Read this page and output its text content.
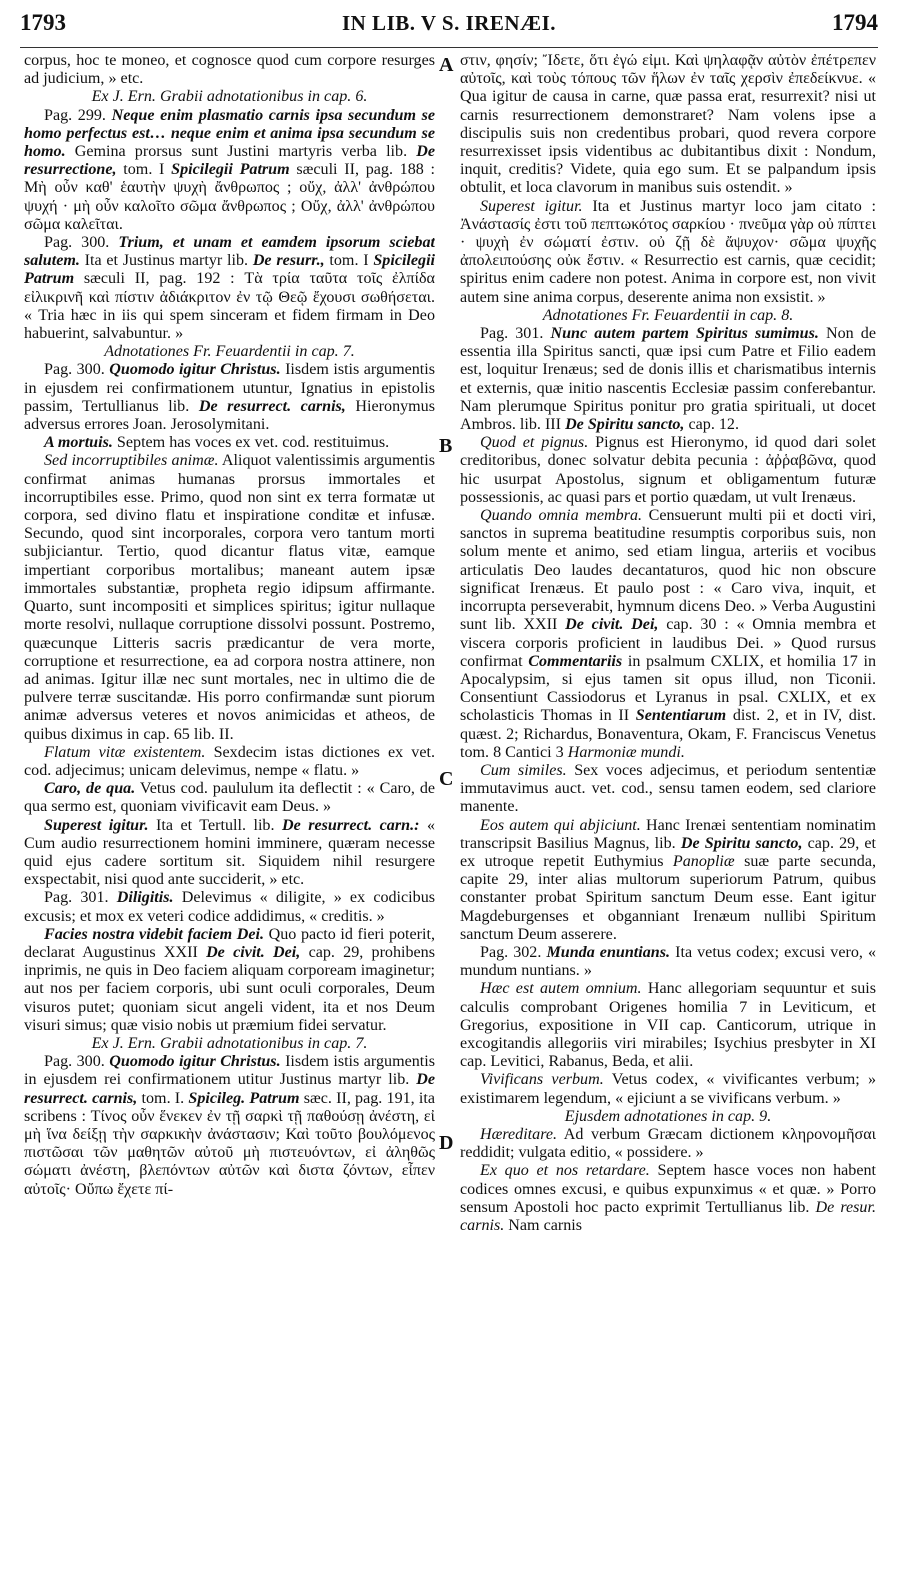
1793	IN LIB. V S. IRENÆI.	1794
A
B
C
D

corpus, hoc te moneo, et cognosce quod cum corpore resurges ad judicium, » etc.

Ex J. Ern. Grabii adnotationibus in cap. 6.

Pag. 299. Neque enim plasmatio carnis ipsa secundum se homo perfectus est… neque enim et anima ipsa secundum se homo. Gemina prorsus sunt Justini martyris verba lib. De resurrectione, tom. I Spicilegii Patrum sæculi II, pag. 188 : Μὴ οὖν καθ' ἑαυτὴν ψυχὴ ἄνθρωπος ; οὔχ, ἀλλ' ἀνθρώπου ψυχή · μὴ οὖν καλοῖτο σῶμα ἄνθρωπος ; Οὔχ, ἀλλ' ἀνθρώπου σῶμα καλεῖται.

Pag. 300. Trium, et unam et eamdem ipsorum sciebat salutem. Ita et Justinus martyr lib. De resurr., tom. I Spicilegii Patrum sæculi II, pag. 192 : Τὰ τρία ταῦτα τοῖς ἐλπίδα εἰλικρινῆ καὶ πίστιν ἀδιάκριτον ἐν τῷ Θεῷ ἔχουσι σωθήσεται. « Tria hæc in iis qui spem sinceram et fidem firmam in Deo habuerint, salvabuntur. »

Adnotationes Fr. Feuardentii in cap. 7.

Pag. 300. Quomodo igitur Christus. Iisdem istis argumentis in ejusdem rei confirmationem utuntur, Ignatius in epistolis passim, Tertullianus lib. De resurrect. carnis, Hieronymus adversus errores Joan. Jerosolymitani.

A mortuis. Septem has voces ex vet. cod. restituimus.

Sed incorruptibiles animæ. Aliquot valentissimis argumentis confirmat animas humanas prorsus immortales et incorruptibiles esse. Primo, quod non sint ex terra formatæ ut corpora, sed divino flatu et inspiratione conditæ et infusæ. Secundo, quod sint incorporales, corpora vero tantum morti subjiciantur. Tertio, quod dicantur flatus vitæ, eamque impertiant corporibus mortalibus; maneant autem ipsæ immortales substantiæ, propheta regio idipsum affirmante. Quarto, sunt incompositi et simplices spiritus; igitur nullaque morte resolvi, nullaque corruptione dissolvi possunt. Postremo, quæcunque Litteris sacris prædicantur de vera morte, corruptione et resurrectione, ea ad corpora nostra attinere, non ad animas. Igitur illæ nec sunt mortales, nec in ultimo die de pulvere terræ suscitandæ. His porro confirmandæ sunt piorum animæ adversus veteres et novos animicidas et atheos, de quibus diximus in cap. 65 lib. II.

Flatum vitæ existentem. Sexdecim istas dictiones ex vet. cod. adjecimus; unicam delevimus, nempe « flatu. »

Caro, de qua. Vetus cod. paululum ita deflectit : « Caro, de qua sermo est, quoniam vivificavit eam Deus. »

Superest igitur. Ita et Tertull. lib. De resurrect. carn.: « Cum audio resurrectionem homini imminere, quæram necesse quid ejus cadere sortitum sit. Siquidem nihil resurgere exspectabit, nisi quod ante succiderit, » etc.

Pag. 301. Diligitis. Delevimus « diligite, » ex codicibus excusis; et mox ex veteri codice addidimus, « creditis. »

Facies nostra videbit faciem Dei. Quo pacto id fieri poterit, declarat Augustinus XXII De civit. Dei, cap. 29, prohibens inprimis, ne quis in Deo faciem aliquam corpoream imaginetur; aut nos per faciem corporis, ubi sunt oculi corporales, Deum visuros putet; quoniam sicut angeli vident, ita et nos Deum visuri simus; quæ visio nobis ut præmium fidei servatur.

Ex J. Ern. Grabii adnotationibus in cap. 7.

Pag. 300. Quomodo igitur Christus. Iisdem istis argumentis in ejusdem rei confirmationem utitur Justinus martyr lib. De resurrect. carnis, tom. I. Spicileg. Patrum sæc. II, pag. 191, ita scribens : Τίνος οὖν ἕνεκεν ἐν τῇ σαρκὶ τῇ παθούσῃ ἀνέστη, εἰ μὴ ἵνα δείξῃ τὴν σαρκικὴν ἀνάστασιν; Καὶ τοῦτο βουλόμενος πιστῶσαι τῶν μαθητῶν αὐτοῦ μὴ πιστευόντων, εἰ ἀληθῶς σώματι ἀνέστη, βλεπόντων αὐτῶν καὶ διστα ζόντων, εἶπεν αὐτοῖς· Οὔπω ἔχετε πί-

στιν, φησίν; Ἴδετε, ὅτι ἐγώ εἰμι. Καὶ ψηλαφᾷν αὐτὸν ἐπέτρεπεν αὐτοῖς, καὶ τοὺς τόπους τῶν ἥλων ἐν ταῖς χερσὶν ἐπεδείκνυε. « Qua igitur de causa in carne, quæ passa erat, resurrexit? nisi ut carnis resurrectionem demonstraret? Nam volens ipse a discipulis suis non credentibus probari, quod revera corpore resurrexisset ipsis videntibus ac dubitantibus dixit : Nondum, inquit, creditis? Videte, quia ego sum. Et se palpandum ipsis obtulit, et loca clavorum in manibus suis ostendit. »

Superest igitur. Ita et Justinus martyr loco jam citato : Ἀνάστασίς ἐστι τοῦ πεπτωκότος σαρκίου · πνεῦμα γὰρ οὐ πίπτει · ψυχὴ ἐν σώματί ἐστιν. οὐ ζῇ δὲ ἄψυχον· σῶμα ψυχῆς ἀπολειπούσης οὐκ ἔστιν. « Resurrectio est carnis, quæ cecidit; spiritus enim cadere non potest. Anima in corpore est, non vivit autem sine anima corpus, deserente anima non exsistit. »

Adnotationes Fr. Feuardentii in cap. 8.

Pag. 301. Nunc autem partem Spiritus sumimus. Non de essentia illa Spiritus sancti, quæ ipsi cum Patre et Filio eadem est, loquitur Irenæus; sed de donis illis et charismatibus internis et externis, quæ initio nascentis Ecclesiæ passim conferebantur. Nam plerumque Spiritus ponitur pro gratia spirituali, ut docet Ambros. lib. III De Spiritu sancto, cap. 12.

Quod et pignus. Pignus est Hieronymo, id quod dari solet creditoribus, donec solvatur debita pecunia : ἀῤῥαβῶνα, quod hic usurpat Apostolus, signum et obligamentum futuræ possessionis, ac quasi pars et portio quædam, ut vult Irenæus.

Quando omnia membra. Censuerunt multi pii et docti viri, sanctos in suprema beatitudine resumptis corporibus suis, non solum mente et animo, sed etiam lingua, arteriis et vocibus articulatis Deo laudes decantaturos, quod hic non obscure significat Irenæus. Et paulo post : « Caro viva, inquit, et incorrupta perseverabit, hymnum dicens Deo. » Verba Augustini sunt lib. XXII De civit. Dei, cap. 30 : « Omnia membra et viscera corporis proficient in laudibus Dei. » Quod rursus confirmat Commentariis in psalmum CXLIX, et homilia 17 in Apocalypsim, si ejus tamen sit opus illud, non Ticonii. Consentiunt Cassiodorus et Lyranus in psal. CXLIX, et ex scholasticis Thomas in II Sententiarum dist. 2, et in IV, dist. quæst. 2; Richardus, Bonaventura, Okam, F. Franciscus Venetus tom. 8 Cantici 3 Harmoniæ mundi.

Cum similes. Sex voces adjecimus, et periodum sententiæ immutavimus auct. vet. cod., sensu tamen eodem, sed clariore manente.

Eos autem qui abjiciunt. Hanc Irenæi sententiam nominatim transcripsit Basilius Magnus, lib. De Spiritu sancto, cap. 29, et ex utroque repetit Euthymius Panopliæ suæ parte secunda, capite 29, inter alias multorum superiorum Patrum, quibus constanter probat Spiritum sanctum Deum esse. Eant igitur Magdeburgenses et obganniant Irenæum nullibi Spiritum sanctum Deum asserere.

Pag. 302. Munda enuntians. Ita vetus codex; excusi vero, « mundum nuntians. »

Hæc est autem omnium. Hanc allegoriam sequuntur et suis calculis comprobant Origenes homilia 7 in Leviticum, et Gregorius, expositione in VII cap. Canticorum, utrique in excogitandis allegoriis viri mirabiles; Isychius presbyter in XI cap. Levitici, Rabanus, Beda, et alii.

Vivificans verbum. Vetus codex, « vivificantes verbum; » existimarem legendum, « ejiciunt a se vivificans verbum. »

Ejusdem adnotationes in cap. 9.

Hæreditare. Ad verbum Græcam dictionem κληρονομῆσαι reddidit; vulgata editio, « possidere. »

Ex quo et nos retardare. Septem hasce voces non habent codices omnes excusi, e quibus expunximus « et quæ. » Porro sensum Apostoli hoc pacto exprimit Tertullianus lib. De resur. carnis. Nam carnis
